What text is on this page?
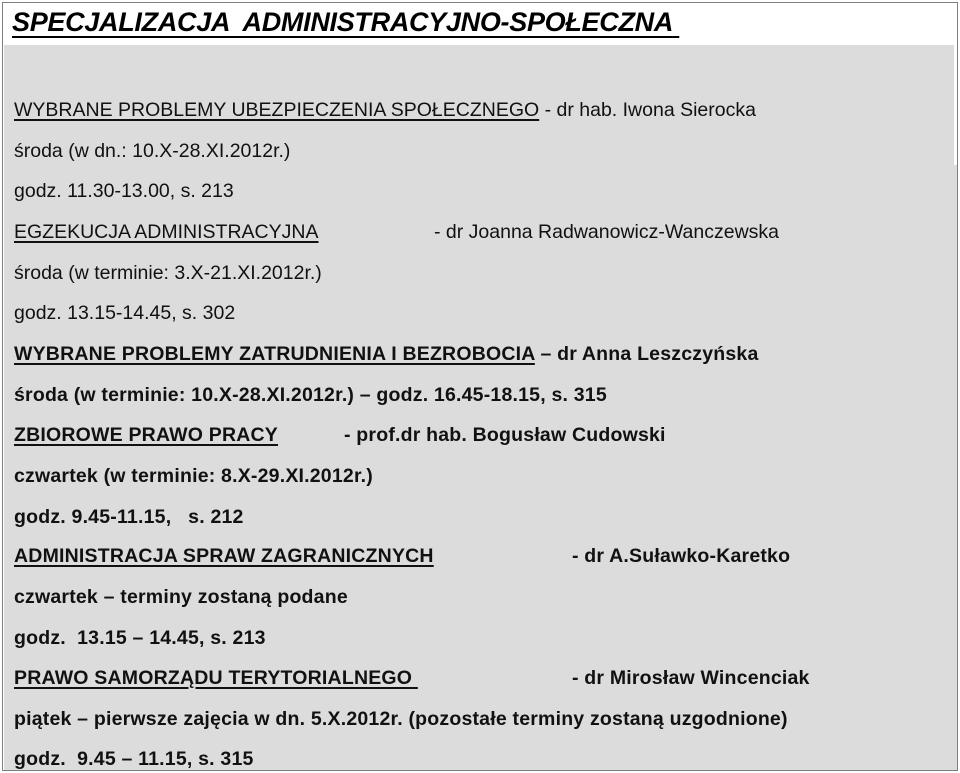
SPECJALIZACJA  ADMINISTRACYJNO-SPOŁECZNA
WYBRANE PROBLEMY UBEZPIECZENIA SPOŁECZNEGO - dr hab. Iwona Sierocka
środa (w dn.: 10.X-28.XI.2012r.)
godz. 11.30-13.00, s. 213
EGZEKUCJA ADMINISTRACYJNA	- dr Joanna Radwanowicz-Wanczewska
środa (w terminie: 3.X-21.XI.2012r.)
godz. 13.15-14.45, s. 302
WYBRANE PROBLEMY ZATRUDNIENIA I BEZROBOCIA – dr Anna Leszczyńska
środa (w terminie: 10.X-28.XI.2012r.) – godz. 16.45-18.15, s. 315
ZBIOROWE PRAWO PRACY	- prof.dr hab. Bogusław Cudowski
czwartek (w terminie: 8.X-29.XI.2012r.)
godz. 9.45-11.15,   s. 212
ADMINISTRACJA SPRAW ZAGRANICZNYCH	- dr A.Suławko-Karetko
czwartek – terminy zostaną podane
godz.  13.15 – 14.45, s. 213
PRAWO SAMORZĄDU TERYTORIALNEGO	- dr Mirosław Wincenciak
piątek – pierwsze zajęcia w dn. 5.X.2012r. (pozostałe terminy zostaną uzgodnione)
godz.  9.45 – 11.15, s. 315
